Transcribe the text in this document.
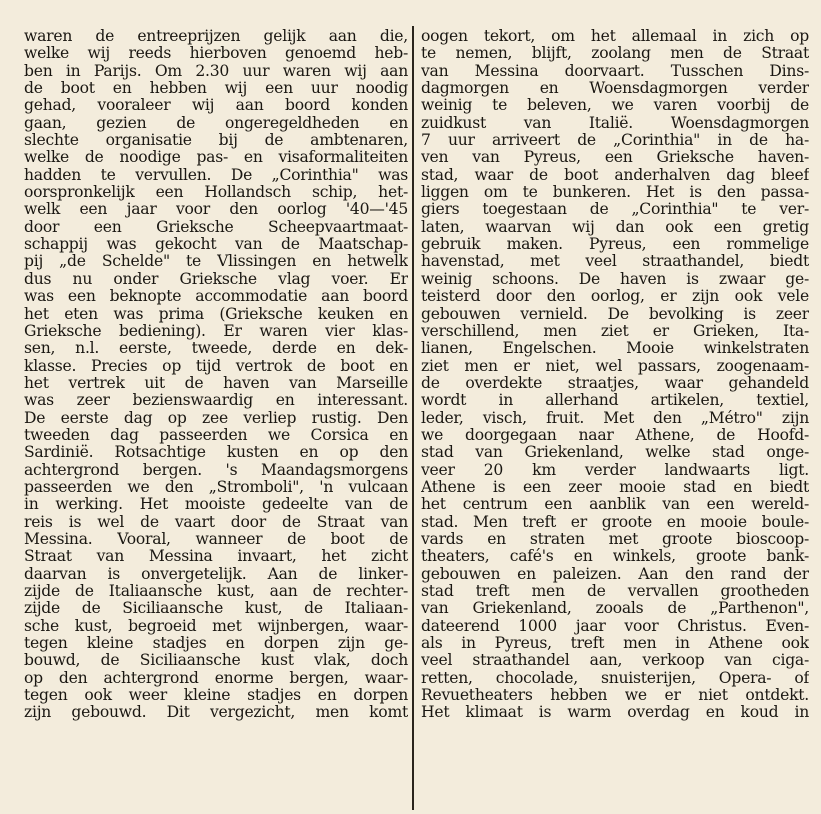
waren de entreeprijzen gelijk aan die,
welke wij reeds hierboven genoemd heb-
ben in Parijs. Om 2.30 uur waren wij aan
de boot en hebben wij een uur noodig
gehad, vooraleer wij aan boord konden
gaan, gezien de ongeregeldheden en
slechte organisatie bij de ambtenaren,
welke de noodige pas- en visaformaliteiten
hadden te vervullen. De „Corinthia" was
oorspronkelijk een Hollandsch schip, het-
welk een jaar voor den oorlog '40—'45
door een Grieksche Scheepvaartmaat-
schappij was gekocht van de Maatschap-
pij „de Schelde" te Vlissingen en hetwelk
dus nu onder Grieksche vlag voer. Er
was een beknopte accommodatie aan boord
het eten was prima (Grieksche keuken en
Grieksche bediening). Er waren vier klas-
sen, n.l. eerste, tweede, derde en dek-
klasse. Precies op tijd vertrok de boot en
het vertrek uit de haven van Marseille
was zeer bezienswaardig en interessant.
De eerste dag op zee verliep rustig. Den
tweeden dag passeerden we Corsica en
Sardinië. Rotsachtige kusten en op den
achtergrond bergen. 's Maandagsmorgens
passeerden we den „Stromboli", 'n vulcaan
in werking. Het mooiste gedeelte van de
reis is wel de vaart door de Straat van
Messina. Vooral, wanneer de boot de
Straat van Messina invaart, het zicht
daarvan is onvergetelijk. Aan de linker-
zijde de Italiaansche kust, aan de rechter-
zijde de Siciliaansche kust, de Italiaan-
sche kust, begroeid met wijnbergen, waar-
tegen kleine stadjes en dorpen zijn ge-
bouwd, de Siciliaansche kust vlak, doch
op den achtergrond enorme bergen, waar-
tegen ook weer kleine stadjes en dorpen
zijn gebouwd. Dit vergezicht, men komt
oogen tekort, om het allemaal in zich op
te nemen, blijft, zoolang men de Straat
van Messina doorvaart. Tusschen Dins-
dagmorgen en Woensdagmorgen verder
weinig te beleven, we varen voorbij de
zuidkust van Italië. Woensdagmorgen
7 uur arriveert de „Corinthia" in de ha-
ven van Pyreus, een Grieksche haven-
stad, waar de boot anderhalven dag bleef
liggen om te bunkeren. Het is den passa-
giers toegestaan de „Corinthia" te ver-
laten, waarvan wij dan ook een gretig
gebruik maken. Pyreus, een rommelige
havenstad, met veel straathandel, biedt
weinig schoons. De haven is zwaar ge-
teisterd door den oorlog, er zijn ook vele
gebouwen vernield. De bevolking is zeer
verschillend, men ziet er Grieken, Ita-
lianen, Engelschen. Mooie winkelstraten
ziet men er niet, wel passars, zoogenaam-
de overdekte straatjes, waar gehandeld
wordt in allerhand artikelen, textiel,
leder, visch, fruit. Met den „Métro" zijn
we doorgegaan naar Athene, de Hoofd-
stad van Griekenland, welke stad onge-
veer 20 km verder landwaarts ligt.
Athene is een zeer mooie stad en biedt
het centrum een aanblik van een wereld-
stad. Men treft er groote en mooie boule-
vards en straten met groote bioscoop-
theaters, café's en winkels, groote bank-
gebouwen en paleizen. Aan den rand der
stad treft men de vervallen grootheden
van Griekenland, zooals de „Parthenon",
dateerend 1000 jaar voor Christus. Even-
als in Pyreus, treft men in Athene ook
veel straathandel aan, verkoop van ciga-
retten, chocolade, snuisterijen, Opera- of
Revuetheaters hebben we er niet ontdekt.
Het klimaat is warm overdag en koud in
